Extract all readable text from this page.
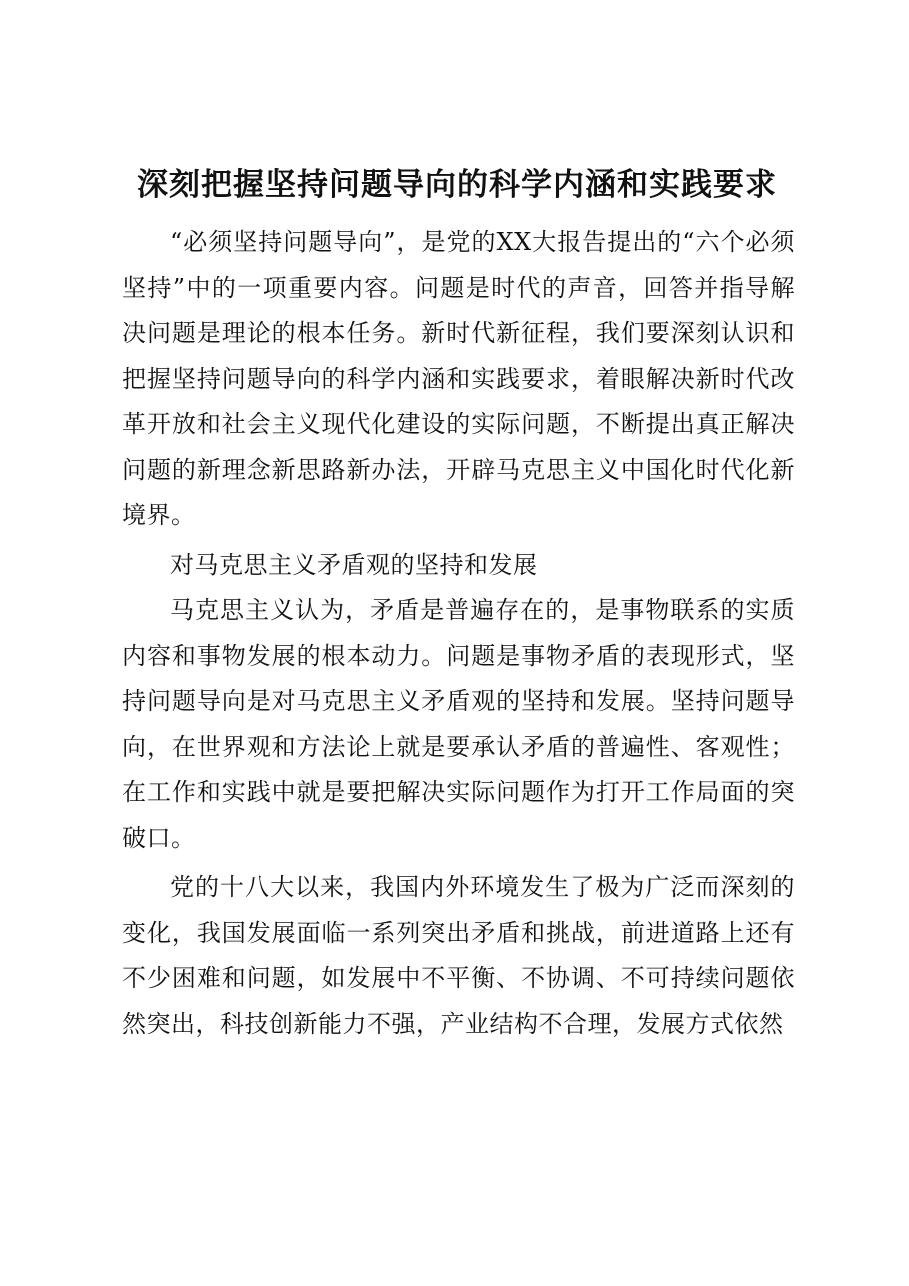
深刻把握坚持问题导向的科学内涵和实践要求

“必须坚持问题导向”，是党的XX大报告提出的“六个必须坚持”中的一项重要内容。问题是时代的声音，回答并指导解决问题是理论的根本任务。新时代新征程，我们要深刻认识和把握坚持问题导向的科学内涵和实践要求，着眼解决新时代改革开放和社会主义现代化建设的实际问题，不断提出真正解决问题的新理念新思路新办法，开辟马克思主义中国化时代化新境界。

对马克思主义矛盾观的坚持和发展

马克思主义认为，矛盾是普遍存在的，是事物联系的实质内容和事物发展的根本动力。问题是事物矛盾的表现形式，坚持问题导向是对马克思主义矛盾观的坚持和发展。坚持问题导向，在世界观和方法论上就是要承认矛盾的普遍性、客观性；在工作和实践中就是要把解决实际问题作为打开工作局面的突破口。

党的十八大以来，我国内外环境发生了极为广泛而深刻的变化，我国发展面临一系列突出矛盾和挑战，前进道路上还有不少困难和问题，如发展中不平衡、不协调、不可持续问题依然突出，科技创新能力不强，产业结构不合理，发展方式依然
